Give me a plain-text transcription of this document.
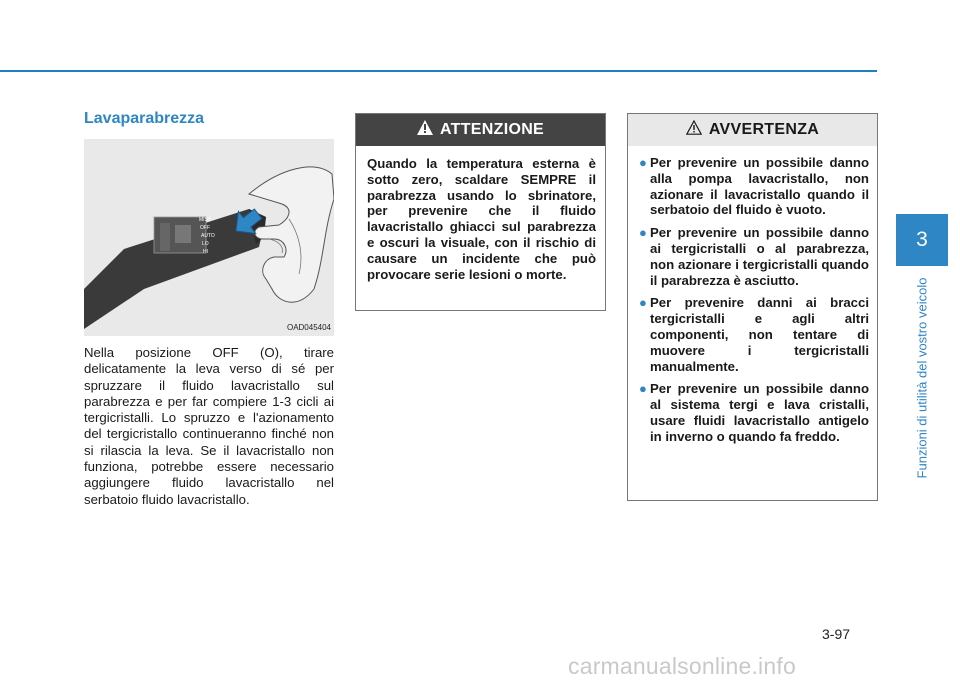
Lavaparabrezza
MIST
OFF
AUTO
LO
HI
OAD045404
Nella posizione OFF (O), tirare delicatamente la leva verso di sé per spruzzare il fluido lavacristallo sul parabrezza e per far compiere 1-3 cicli ai tergicristalli. Lo spruzzo e l'azionamento del tergicristallo continueranno finché non si rilascia la leva. Se il lavacristallo non funziona, potrebbe essere necessario aggiungere fluido lavacristallo nel serbatoio fluido lavacristallo.
ATTENZIONE
Quando la temperatura esterna è sotto zero, scaldare SEMPRE il parabrezza usando lo sbrinatore, per prevenire che il fluido lavacristallo ghiacci sul parabrezza e oscuri la visuale, con il rischio di causare un incidente che può provocare serie lesioni o morte.
AVVERTENZA
● Per prevenire un possibile danno alla pompa lavacristallo, non azionare il lavacristallo quando il serbatoio del fluido è vuoto.
● Per prevenire un possibile danno ai tergicristalli o al parabrezza, non azionare i tergicristalli quando il parabrezza è asciutto.
● Per prevenire danni ai bracci tergicristalli e agli altri componenti, non tentare di muovere i tergicristalli manualmente.
● Per prevenire un possibile danno al sistema tergi e lava cristalli, usare fluidi lavacristallo antigelo in inverno o quando fa freddo.
3
Funzioni di utilità del vostro veicolo
3-97
carmanualsonline.info
